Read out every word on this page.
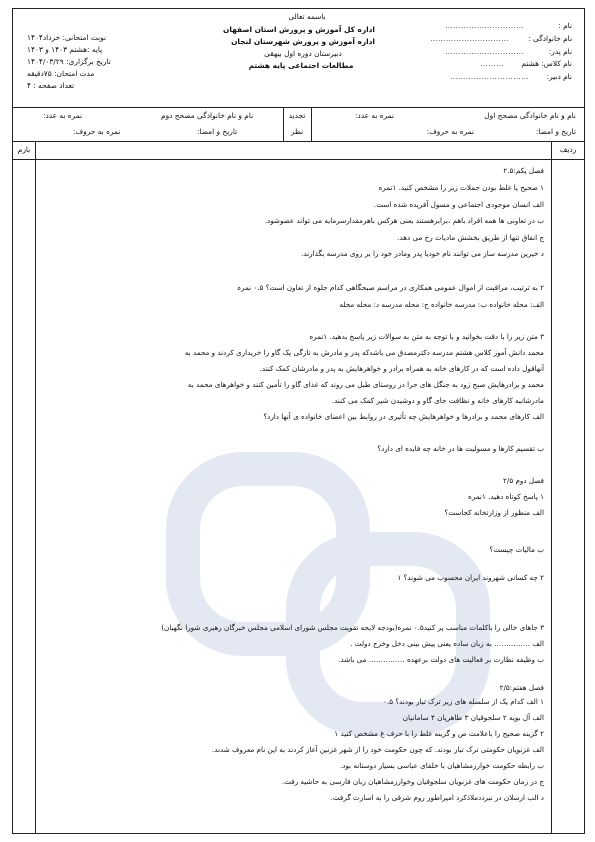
باسمه تعالی
اداره کل آموزش و پرورش استان اصفهان
اداره آموزش و پرورش شهرستان لنجان
دبیرستان دوره اول بیهقی
مطالعات اجتماعی پایه هشتم
نام :
…………………………
نام خانوادگی :
…………………………
نام پدر:
…………………………
نام کلاس: هشتم
………
نام دبیر:
…………………………
نوبت امتحانی: خرداد۱۴۰۴
پایه :هشتم ۱۴۰۳ و ۱۴۰۳
تاریخ برگزاری: ۱۴۰۴/۰۳/۲۹
مدت امتحان: ۷۵دقیقه
تعداد صفحه : ۴
نام و نام خانوادگی مصحح اول
نمره به عدد:
تاریخ و امضا:
نمره به حروف:
تجدید
نظر
نام و نام خانوادگی مصحح دوم
نمره به عدد:
تاریخ و امضا:
نمره به حروف:
ردیف
بارم
فصل یکم:۲.۵
۱ صحیح یا غلط بودن جملات زیر را مشخص کنید. ۱نمره
الف انسان موجودی اجتماعی و مسول آفریده شده است.
ب در تعاونی ها همه افراد باهم ،برابرهستند یعنی هرکس باهرمقدارسرمایه می تواند عضوشود.
ج انفاق تنها از طریق بخشش مادیات رخ می دهد.
د خیرین مدرسه ساز می توانند نام خودیا پدر ومادر خود را بر روی مدرسه بگذارند.
۲ به ترتیب، مراقبت از اموال عمومی همکاری در مراسم صبحگاهی کدام جلوه از تعاون است؟ ۰.۵ نمره
الف: محله خانواده ب: مدرسه خانواده ج: محله مدرسه د: محله محله
۳ متن زیر را با دقت بخوانید و با توجه به متن به سوالات زیر پاسخ بدهید. ۱نمره
محمد دانش آموز کلاس هشتم مدرسه دکترمصدق می باشدکه پدر و مادرش به تازگی یک گاو را خریداری کردند و محمد به
آنهاقول داده است که در کارهای خانه به همراه برادر و خواهرهایش به پدر و مادرشان کمک کنند.
محمد و برادرهایش صبح زود به جنگل های حرا در روستای طبل می روند که غذای گاو را تأمین کنند و خواهرهای محمد به
مادرشانبه کارهای خانه و نظافت جای گاو و دوشیدن شیر کمک می کنند.
الف کارهای محمد و برادرها و خواهرهایش چه تأثیری در روابط بین اعضای خانواده ی آنها دارد؟
ب تقسیم کارها و مسولیت ها در خانه چه فایده ای دارد؟
فصل دوم ۲/۵
۱ پاسخ کوتاه دهید. ۱نمره
الف منظور از وزارتخانه کجاست؟
ب مالیات چیست؟
۲ چه کسانی شهروند ایران محسوب می شوند؟ ۱
۳ جاهای خالی را باکلمات مناسب پر کنید۰.۵ نمره(بودجه لایحه تقویت مجلس شورای اسلامی مجلس خبرگان رهبری شورا نگهبان)
الف …………… به زبان ساده یعنی پیش بینی دخل وخرج دولت .
ب وظیفه نظارت بر فعالیت های دولت برعهده …………… می باشد.
فصل هفتم:۲/۵
۱ الف کدام یک از سلسله های زیر ترک تبار بودند؟ ۰.۵
الف آل بویه ۲ سلجوقیان ۳ طاهریان ۴ سامانیان
۲ گزینه صحیح را باعلامت ص و گزینه غلط را با حرف غ مشخص کنید ۱
الف غزنویان حکومتی ترک تبار بودند. که چون حکومت خود را از شهر غزنین آغاز کردند به این نام معروف شدند.
ب رابطه حکومت خوارزمشاهیان با خلفای عباسی بسیار دوستانه بود.
ج در زمان حکومت های غزنویان سلجوقیان وخوارزمشاهیان زبان فارسی به حاشیه رفت.
د الب ارسلان در نبرددملاذکرد امپراطور روم شرقی را به اسارت گرفت.
